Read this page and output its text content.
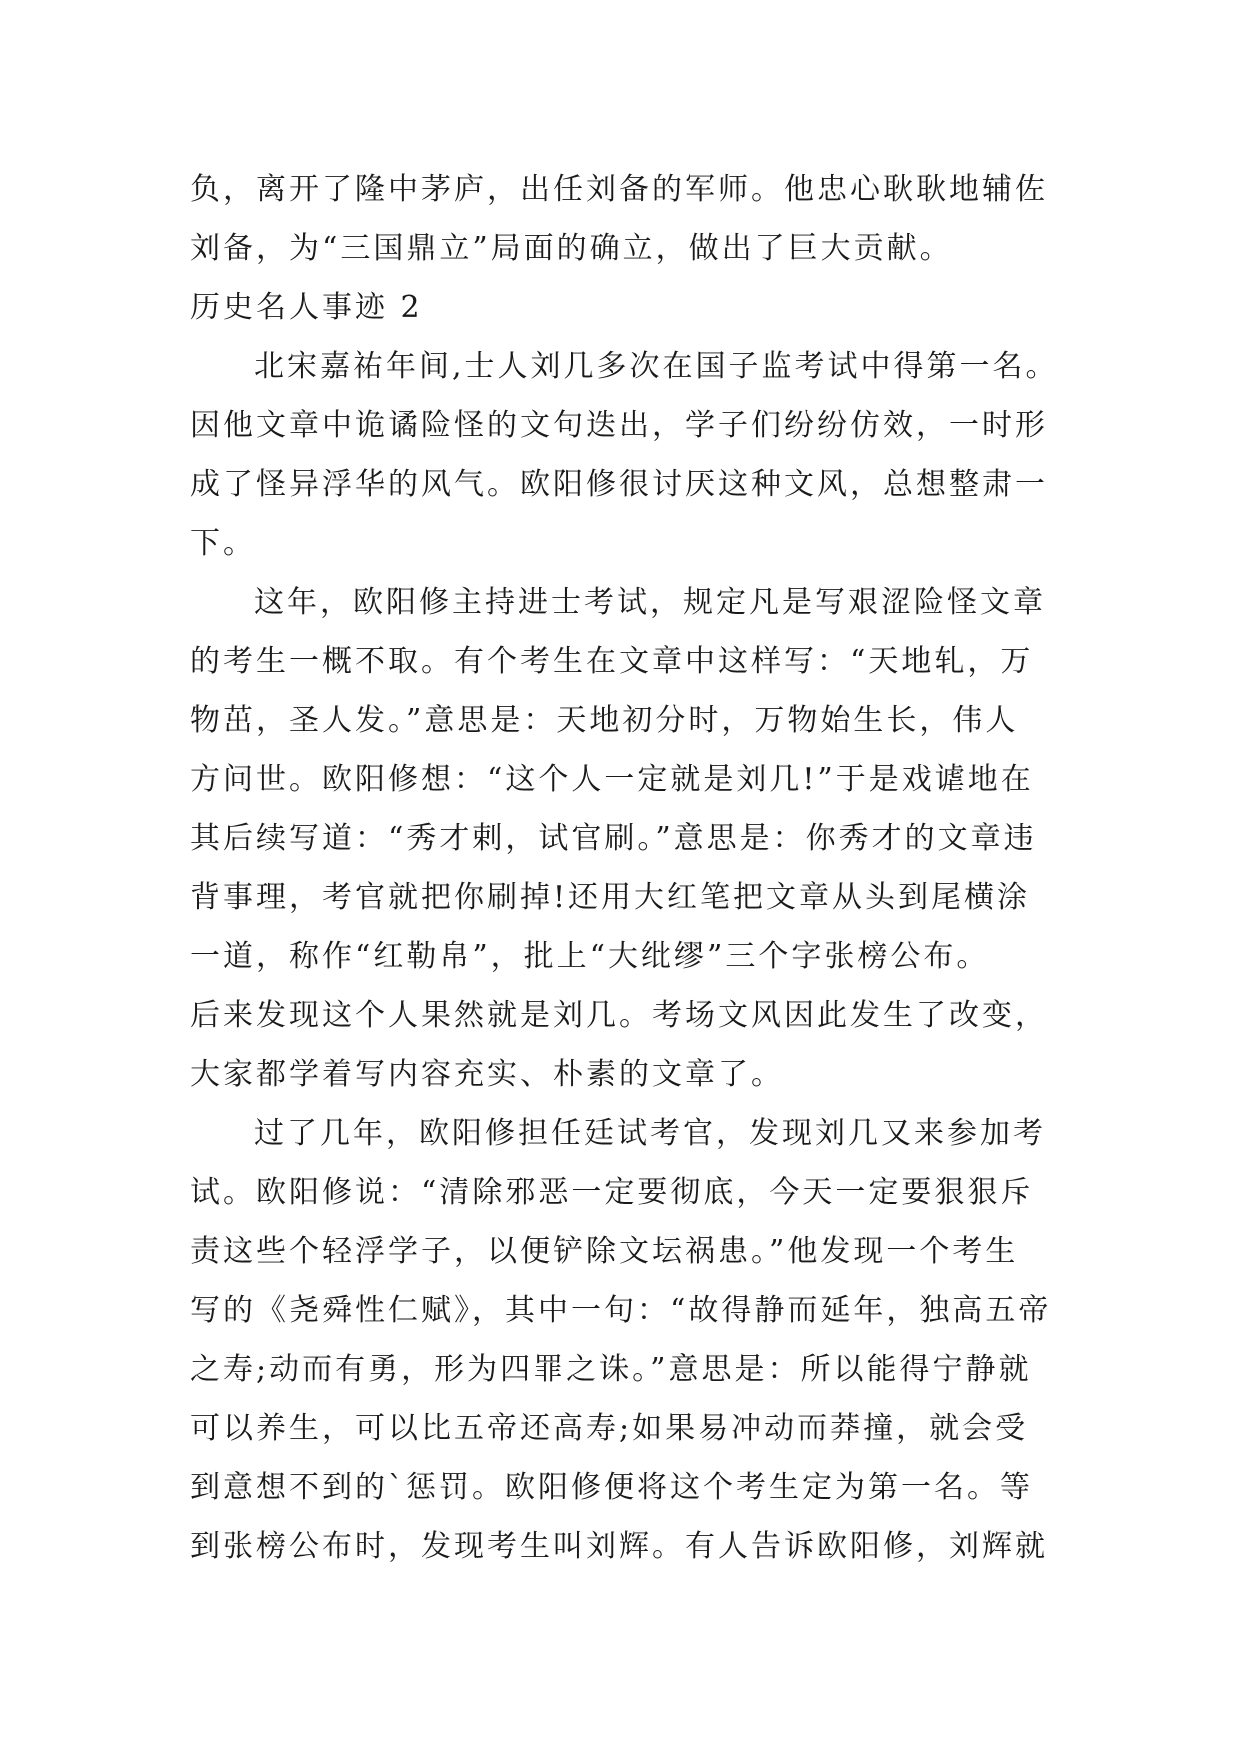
负，离开了隆中茅庐，出任刘备的军师。他忠心耿耿地辅佐
刘备，为“三国鼎立”局面的确立，做出了巨大贡献。
历史名人事迹 2
北宋嘉祐年间,士人刘几多次在国子监考试中得第一名。
因他文章中诡谲险怪的文句迭出，学子们纷纷仿效，一时形
成了怪异浮华的风气。欧阳修很讨厌这种文风，总想整肃一
下。
这年，欧阳修主持进士考试，规定凡是写艰涩险怪文章
的考生一概不取。有个考生在文章中这样写：“天地轧，万
物茁，圣人发。”意思是：天地初分时，万物始生长，伟人
方问世。欧阳修想：“这个人一定就是刘几!”于是戏谑地在
其后续写道：“秀才剌，试官刷。”意思是：你秀才的文章违
背事理，考官就把你刷掉!还用大红笔把文章从头到尾横涂
一道，称作“红勒帛”，批上“大纰缪”三个字张榜公布。
后来发现这个人果然就是刘几。考场文风因此发生了改变，
大家都学着写内容充实、朴素的文章了。
过了几年，欧阳修担任廷试考官，发现刘几又来参加考
试。欧阳修说：“清除邪恶一定要彻底，今天一定要狠狠斥
责这些个轻浮学子，以便铲除文坛祸患。”他发现一个考生
写的《尧舜性仁赋》，其中一句：“故得静而延年，独高五帝
之寿;动而有勇，形为四罪之诛。”意思是：所以能得宁静就
可以养生，可以比五帝还高寿;如果易冲动而莽撞，就会受
到意想不到的`惩罚。欧阳修便将这个考生定为第一名。等
到张榜公布时，发现考生叫刘辉。有人告诉欧阳修，刘辉就
